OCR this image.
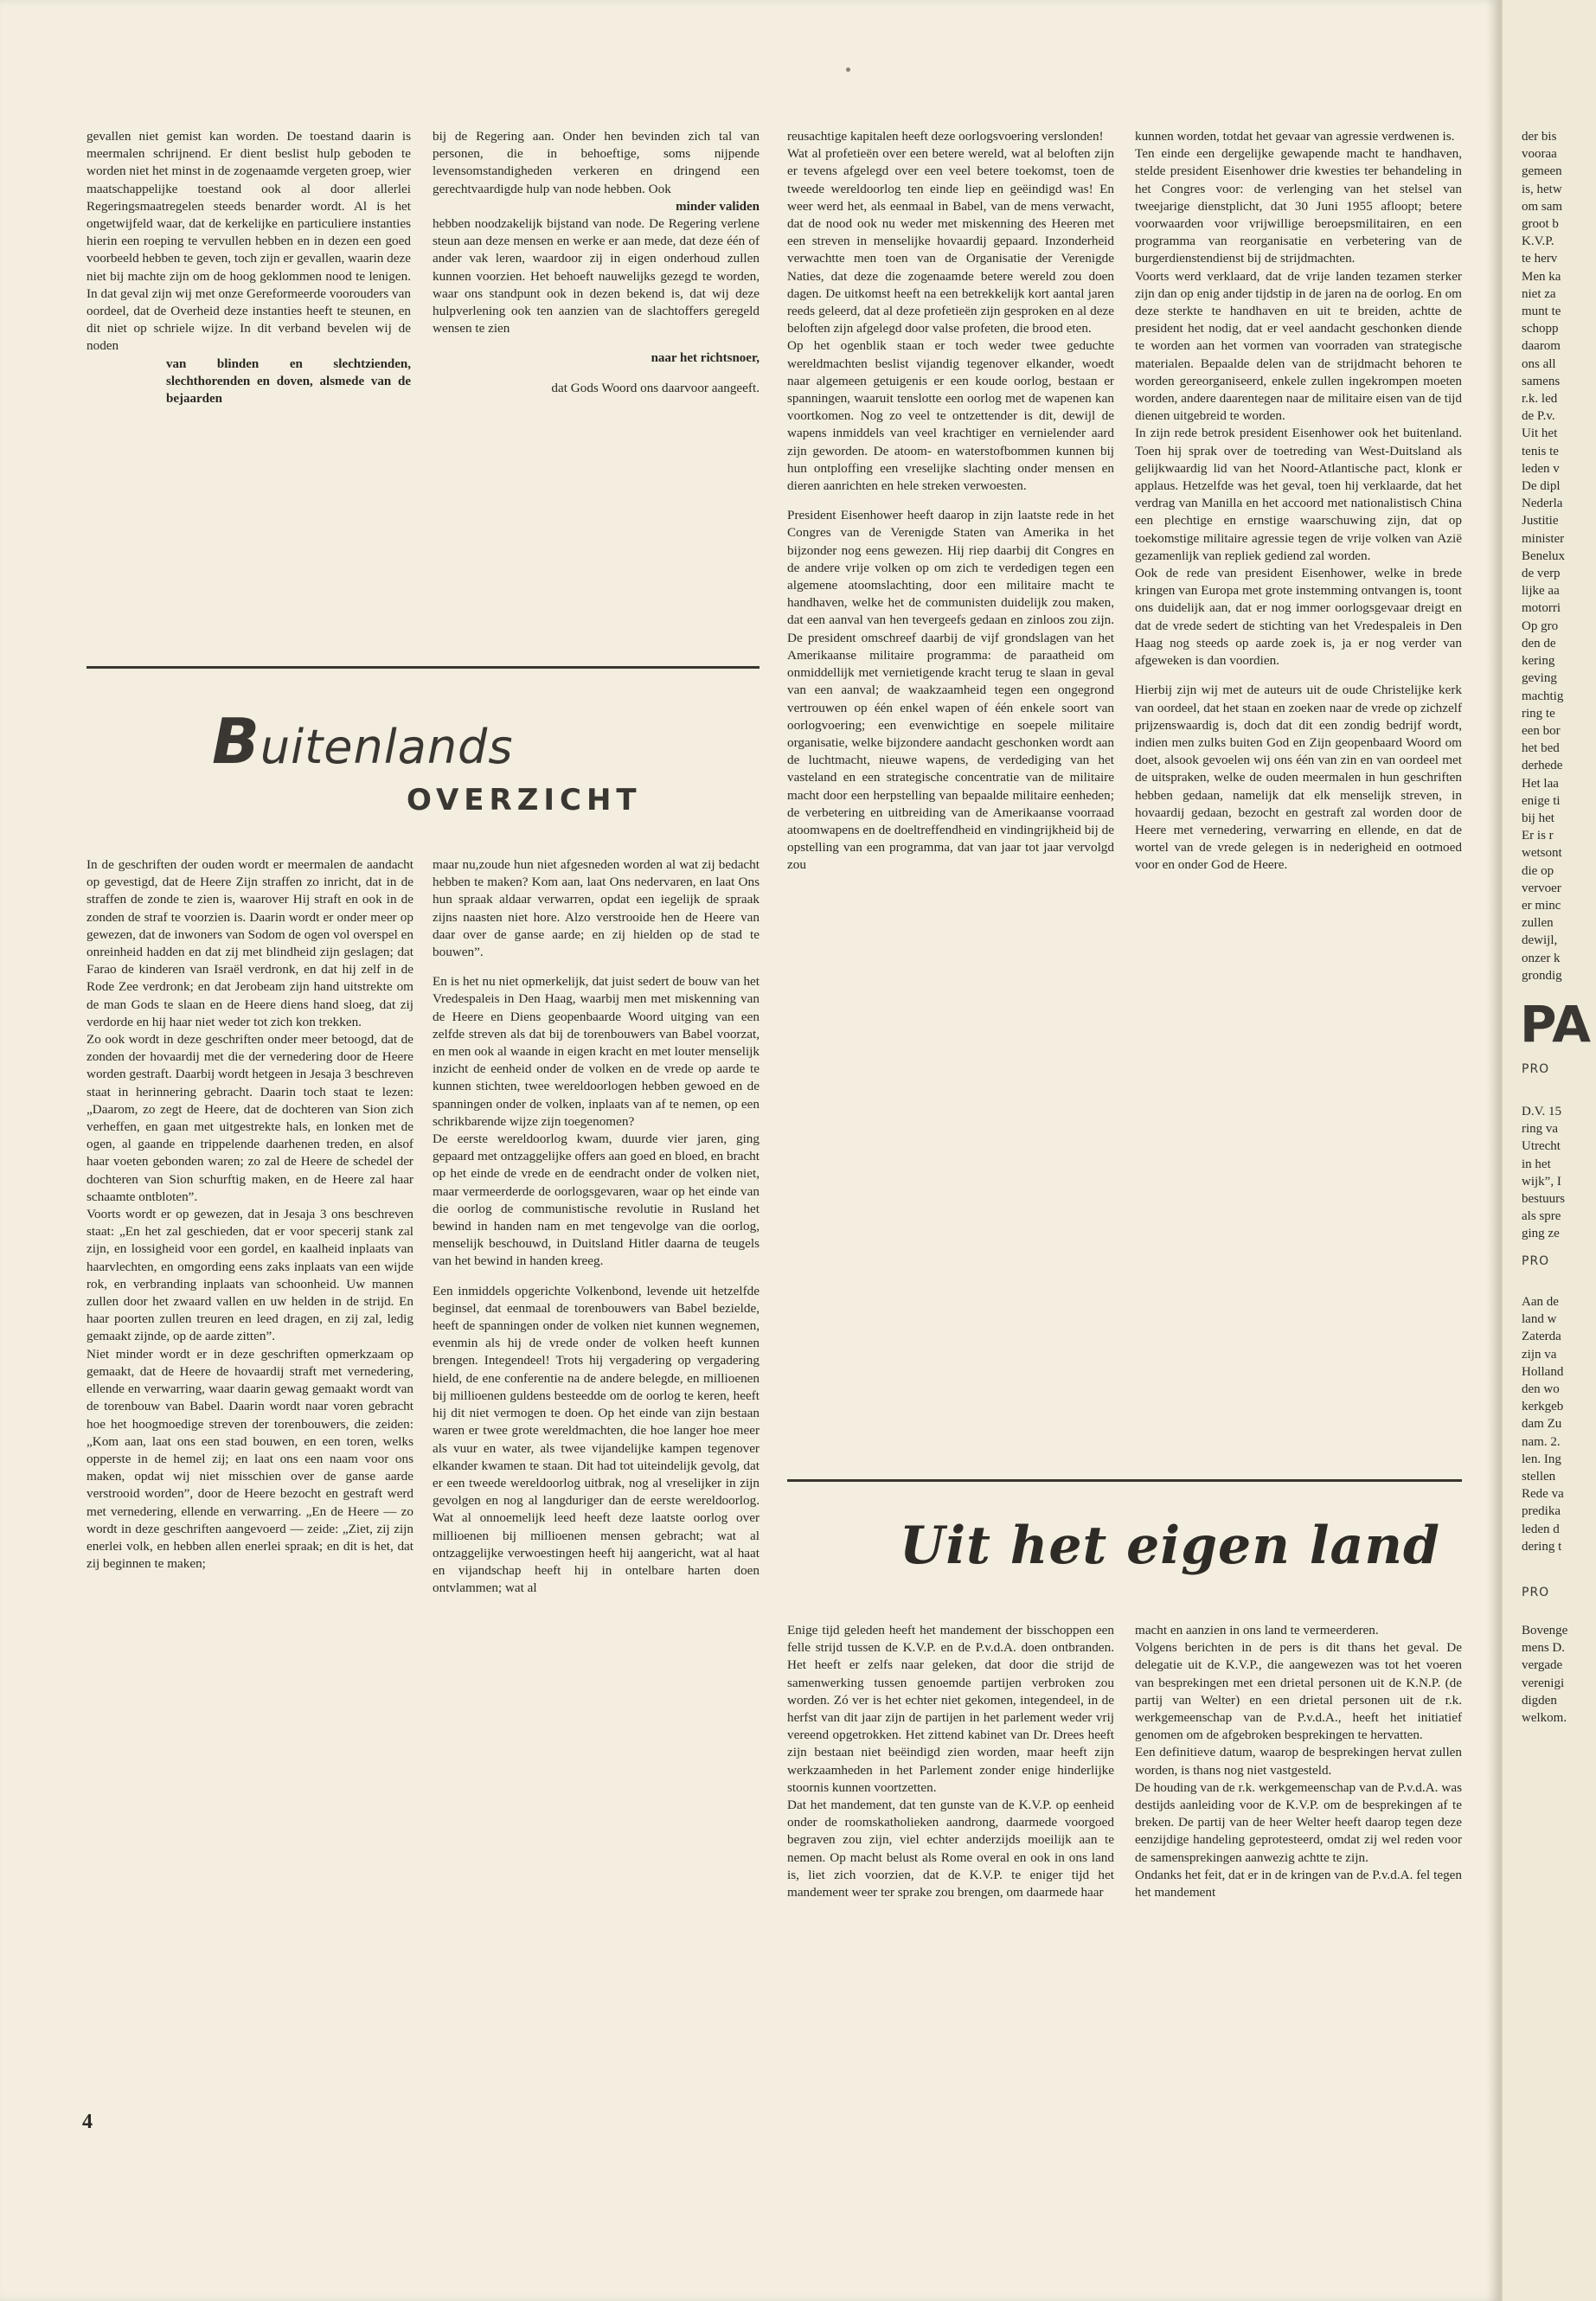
gevallen niet gemist kan worden. De toestand daarin is meermalen schrijnend. Er dient beslist hulp geboden te worden niet het minst in de zogenaamde vergeten groep, wier maatschappelijke toestand ook al door allerlei Regeringsmaatregelen steeds benarder wordt. Al is het ongetwijfeld waar, dat de kerkelijke en particuliere instanties hierin een roeping te vervullen hebben en in dezen een goed voorbeeld hebben te geven, toch zijn er gevallen, waarin deze niet bij machte zijn om de hoog geklommen nood te lenigen. In dat geval zijn wij met onze Gereformeerde voorouders van oordeel, dat de Overheid deze instanties heeft te steunen, en dit niet op schriele wijze. In dit verband bevelen wij de noden

van blinden en slechtzienden, slechthorenden en doven, alsmede van de bejaarden

bij de Regering aan. Onder hen bevinden zich tal van personen, die in behoeftige, soms nijpende levensomstandigheden verkeren en dringend een gerechtvaardigde hulp van node hebben. Ook

minder validen

hebben noodzakelijk bijstand van node. De Regering verlene steun aan deze mensen en werke er aan mede, dat deze één of ander vak leren, waardoor zij in eigen onderhoud zullen kunnen voorzien. Het behoeft nauwelijks gezegd te worden, waar ons standpunt ook in dezen bekend is, dat wij deze hulpverlening ook ten aanzien van de slachtoffers geregeld wensen te zien

naar het richtsnoer,

dat Gods Woord ons daarvoor aangeeft.

Buitenlands
OVERZICHT

In de geschriften der ouden wordt er meermalen de aandacht op gevestigd, dat de Heere Zijn straffen zo inricht, dat in de straffen de zonde te zien is, waarover Hij straft en ook in de zonden de straf te voorzien is. Daarin wordt er onder meer op gewezen, dat de inwoners van Sodom de ogen vol overspel en onreinheid hadden en dat zij met blindheid zijn geslagen; dat Farao de kinderen van Israël verdronk, en dat hij zelf in de Rode Zee verdronk; en dat Jerobeam zijn hand uitstrekte om de man Gods te slaan en de Heere diens hand sloeg, dat zij verdorde en hij haar niet weder tot zich kon trekken.

Zo ook wordt in deze geschriften onder meer betoogd, dat de zonden der hovaardij met die der vernedering door de Heere worden gestraft. Daarbij wordt hetgeen in Jesaja 3 beschreven staat in herinnering gebracht. Daarin toch staat te lezen: „Daarom, zo zegt de Heere, dat de dochteren van Sion zich verheffen, en gaan met uitgestrekte hals, en lonken met de ogen, al gaande en trippelende daarhenen treden, en alsof haar voeten gebonden waren; zo zal de Heere de schedel der dochteren van Sion schurftig maken, en de Heere zal haar schaamte ontbloten”.

Voorts wordt er op gewezen, dat in Jesaja 3 ons beschreven staat: „En het zal geschieden, dat er voor specerij stank zal zijn, en lossigheid voor een gordel, en kaalheid inplaats van haarvlechten, en omgording eens zaks inplaats van een wijde rok, en verbranding inplaats van schoonheid. Uw mannen zullen door het zwaard vallen en uw helden in de strijd. En haar poorten zullen treuren en leed dragen, en zij zal, ledig gemaakt zijnde, op de aarde zitten”.

Niet minder wordt er in deze geschriften opmerkzaam op gemaakt, dat de Heere de hovaardij straft met vernedering, ellende en verwarring, waar daarin gewag gemaakt wordt van de torenbouw van Babel. Daarin wordt naar voren gebracht hoe het hoogmoedige streven der torenbouwers, die zeiden: „Kom aan, laat ons een stad bouwen, en een toren, welks opperste in de hemel zij; en laat ons een naam voor ons maken, opdat wij niet misschien over de ganse aarde verstrooid worden”, door de Heere bezocht en gestraft werd met vernedering, ellende en verwarring. „En de Heere — zo wordt in deze geschriften aangevoerd — zeide: „Ziet, zij zijn enerlei volk, en hebben allen enerlei spraak; en dit is het, dat zij beginnen te maken;

maar nu,zoude hun niet afgesneden worden al wat zij bedacht hebben te maken? Kom aan, laat Ons nedervaren, en laat Ons hun spraak aldaar verwarren, opdat een iegelijk de spraak zijns naasten niet hore. Alzo verstrooide hen de Heere van daar over de ganse aarde; en zij hielden op de stad te bouwen”.

En is het nu niet opmerkelijk, dat juist sedert de bouw van het Vredespaleis in Den Haag, waarbij men met miskenning van de Heere en Diens geopenbaarde Woord uitging van een zelfde streven als dat bij de torenbouwers van Babel voorzat, en men ook al waande in eigen kracht en met louter menselijk inzicht de eenheid onder de volken en de vrede op aarde te kunnen stichten, twee wereldoorlogen hebben gewoed en de spanningen onder de volken, inplaats van af te nemen, op een schrikbarende wijze zijn toegenomen?

De eerste wereldoorlog kwam, duurde vier jaren, ging gepaard met ontzaggelijke offers aan goed en bloed, en bracht op het einde de vrede en de eendracht onder de volken niet, maar vermeerderde de oorlogsgevaren, waar op het einde van die oorlog de communistische revolutie in Rusland het bewind in handen nam en met tengevolge van die oorlog, menselijk beschouwd, in Duitsland Hitler daarna de teugels van het bewind in handen kreeg.

Een inmiddels opgerichte Volkenbond, levende uit hetzelfde beginsel, dat eenmaal de torenbouwers van Babel bezielde, heeft de spanningen onder de volken niet kunnen wegnemen, evenmin als hij de vrede onder de volken heeft kunnen brengen. Integendeel! Trots hij vergadering op vergadering hield, de ene conferentie na de andere belegde, en millioenen bij millioenen guldens besteedde om de oorlog te keren, heeft hij dit niet vermogen te doen. Op het einde van zijn bestaan waren er twee grote wereldmachten, die hoe langer hoe meer als vuur en water, als twee vijandelijke kampen tegenover elkander kwamen te staan. Dit had tot uiteindelijk gevolg, dat er een tweede wereldoorlog uitbrak, nog al vreselijker in zijn gevolgen en nog al langduriger dan de eerste wereldoorlog. Wat al onnoemelijk leed heeft deze laatste oorlog over millioenen bij millioenen mensen gebracht; wat al ontzaggelijke verwoestingen heeft hij aangericht, wat al haat en vijandschap heeft hij in ontelbare harten doen ontvlammen; wat al

reusachtige kapitalen heeft deze oorlogsvoering verslonden!

Wat al profetieën over een betere wereld, wat al beloften zijn er tevens afgelegd over een veel betere toekomst, toen de tweede wereldoorlog ten einde liep en geëindigd was! En weer werd het, als eenmaal in Babel, van de mens verwacht, dat de nood ook nu weder met miskenning des Heeren met een streven in menselijke hovaardij gepaard. Inzonderheid verwachtte men toen van de Organisatie der Verenigde Naties, dat deze die zogenaamde betere wereld zou doen dagen. De uitkomst heeft na een betrekkelijk kort aantal jaren reeds geleerd, dat al deze profetieën zijn gesproken en al deze beloften zijn afgelegd door valse profeten, die brood eten.

Op het ogenblik staan er toch weder twee geduchte wereldmachten beslist vijandig tegenover elkander, woedt naar algemeen getuigenis er een koude oorlog, bestaan er spanningen, waaruit tenslotte een oorlog met de wapenen kan voortkomen. Nog zo veel te ontzettender is dit, dewijl de wapens inmiddels van veel krachtiger en vernielender aard zijn geworden. De atoom- en waterstofbommen kunnen bij hun ontploffing een vreselijke slachting onder mensen en dieren aanrichten en hele streken verwoesten.

President Eisenhower heeft daarop in zijn laatste rede in het Congres van de Verenigde Staten van Amerika in het bijzonder nog eens gewezen. Hij riep daarbij dit Congres en de andere vrije volken op om zich te verdedigen tegen een algemene atoomslachting, door een militaire macht te handhaven, welke het de communisten duidelijk zou maken, dat een aanval van hen tevergeefs gedaan en zinloos zou zijn. De president omschreef daarbij de vijf grondslagen van het Amerikaanse militaire programma: de paraatheid om onmiddellijk met vernietigende kracht terug te slaan in geval van een aanval; de waakzaamheid tegen een ongegrond vertrouwen op één enkel wapen of één enkele soort van oorlogvoering; een evenwichtige en soepele militaire organisatie, welke bijzondere aandacht geschonken wordt aan de luchtmacht, nieuwe wapens, de verdediging van het vasteland en een strategische concentratie van de militaire macht door een herpstelling van bepaalde militaire eenheden; de verbetering en uitbreiding van de Amerikaanse voorraad atoomwapens en de doeltreffendheid en vindingrijkheid bij de opstelling van een programma, dat van jaar tot jaar vervolgd zou

kunnen worden, totdat het gevaar van agressie verdwenen is.

Ten einde een dergelijke gewapende macht te handhaven, stelde president Eisenhower drie kwesties ter behandeling in het Congres voor: de verlenging van het stelsel van tweejarige dienstplicht, dat 30 Juni 1955 afloopt; betere voorwaarden voor vrijwillige beroepsmilitairen, en een programma van reorganisatie en verbetering van de burgerdienstendienst bij de strijdmachten.

Voorts werd verklaard, dat de vrije landen tezamen sterker zijn dan op enig ander tijdstip in de jaren na de oorlog. En om deze sterkte te handhaven en uit te breiden, achtte de president het nodig, dat er veel aandacht geschonken diende te worden aan het vormen van voorraden van strategische materialen. Bepaalde delen van de strijdmacht behoren te worden gereorganiseerd, enkele zullen ingekrompen moeten worden, andere daarentegen naar de militaire eisen van de tijd dienen uitgebreid te worden.

In zijn rede betrok president Eisenhower ook het buitenland. Toen hij sprak over de toetreding van West-Duitsland als gelijkwaardig lid van het Noord-Atlantische pact, klonk er applaus. Hetzelfde was het geval, toen hij verklaarde, dat het verdrag van Manilla en het accoord met nationalistisch China een plechtige en ernstige waarschuwing zijn, dat op toekomstige militaire agressie tegen de vrije volken van Azië gezamenlijk van repliek gediend zal worden.

Ook de rede van president Eisenhower, welke in brede kringen van Europa met grote instemming ontvangen is, toont ons duidelijk aan, dat er nog immer oorlogsgevaar dreigt en dat de vrede sedert de stichting van het Vredespaleis in Den Haag nog steeds op aarde zoek is, ja er nog verder van afgeweken is dan voordien.

Hierbij zijn wij met de auteurs uit de oude Christelijke kerk van oordeel, dat het staan en zoeken naar de vrede op zichzelf prijzenswaardig is, doch dat dit een zondig bedrijf wordt, indien men zulks buiten God en Zijn geopenbaard Woord om doet, alsook gevoelen wij ons één van zin en van oordeel met de uitspraken, welke de ouden meermalen in hun geschriften hebben gedaan, namelijk dat elk menselijk streven, in hovaardij gedaan, bezocht en gestraft zal worden door de Heere met vernedering, verwarring en ellende, en dat de wortel van de vrede gelegen is in nederigheid en ootmoed voor en onder God de Heere.

Uit het eigen land

Enige tijd geleden heeft het mandement der bisschoppen een felle strijd tussen de K.V.P. en de P.v.d.A. doen ontbranden. Het heeft er zelfs naar geleken, dat door die strijd de samenwerking tussen genoemde partijen verbroken zou worden. Zó ver is het echter niet gekomen, integendeel, in de herfst van dit jaar zijn de partijen in het parlement weder vrij vereend opgetrokken. Het zittend kabinet van Dr. Drees heeft zijn bestaan niet beëindigd zien worden, maar heeft zijn werkzaamheden in het Parlement zonder enige hinderlijke stoornis kunnen voortzetten.

Dat het mandement, dat ten gunste van de K.V.P. op eenheid onder de roomskatholieken aandrong, daarmede voorgoed begraven zou zijn, viel echter anderzijds moeilijk aan te nemen. Op macht belust als Rome overal en ook in ons land is, liet zich voorzien, dat de K.V.P. te eniger tijd het mandement weer ter sprake zou brengen, om daarmede haar

macht en aanzien in ons land te vermeerderen.

Volgens berichten in de pers is dit thans het geval. De delegatie uit de K.V.P., die aangewezen was tot het voeren van besprekingen met een drietal personen uit de K.N.P. (de partij van Welter) en een drietal personen uit de r.k. werkgemeenschap van de P.v.d.A., heeft het initiatief genomen om de afgebroken besprekingen te hervatten.

Een definitieve datum, waarop de besprekingen hervat zullen worden, is thans nog niet vastgesteld.

De houding van de r.k. werkgemeenschap van de P.v.d.A. was destijds aanleiding voor de K.V.P. om de besprekingen af te breken. De partij van de heer Welter heeft daarop tegen deze eenzijdige handeling geprotesteerd, omdat zij wel reden voor de samensprekingen aanwezig achtte te zijn.

Ondanks het feit, dat er in de kringen van de P.v.d.A. fel tegen het mandement

4
der bis
vooraa
gemeen
is, hetw
om sam
groot b
K.V.P.
te herv
Men ka
niet za
munt te
schopp
daarom
ons all
samens
r.k. led
de P.v.
Uit het
tenis te
leden v
De dipl
Nederla
Justitie
minister
Benelux
de verp
lijke aa
motorri
Op gro
den de
kering
geving
machtig
ring te
een bor
het bed
derhede
Het laa
enige ti
bij het
Er is r
wetsont
die op
vervoer
er minc
zullen
dewijl,
onzer k
grondig
PA
PRO
D.V. 15
ring va
Utrecht
in het
wijk”, I
bestuurs
als spre
ging ze
PRO
Aan de
land w
Zaterda
zijn va
Holland
den wo
kerkgeb
dam Zu
nam. 2.
len. Ing
stellen
Rede va
predika
leden d
dering t
PRO
Bovenge
mens D.
vergade
verenigi
digden
welkom.
